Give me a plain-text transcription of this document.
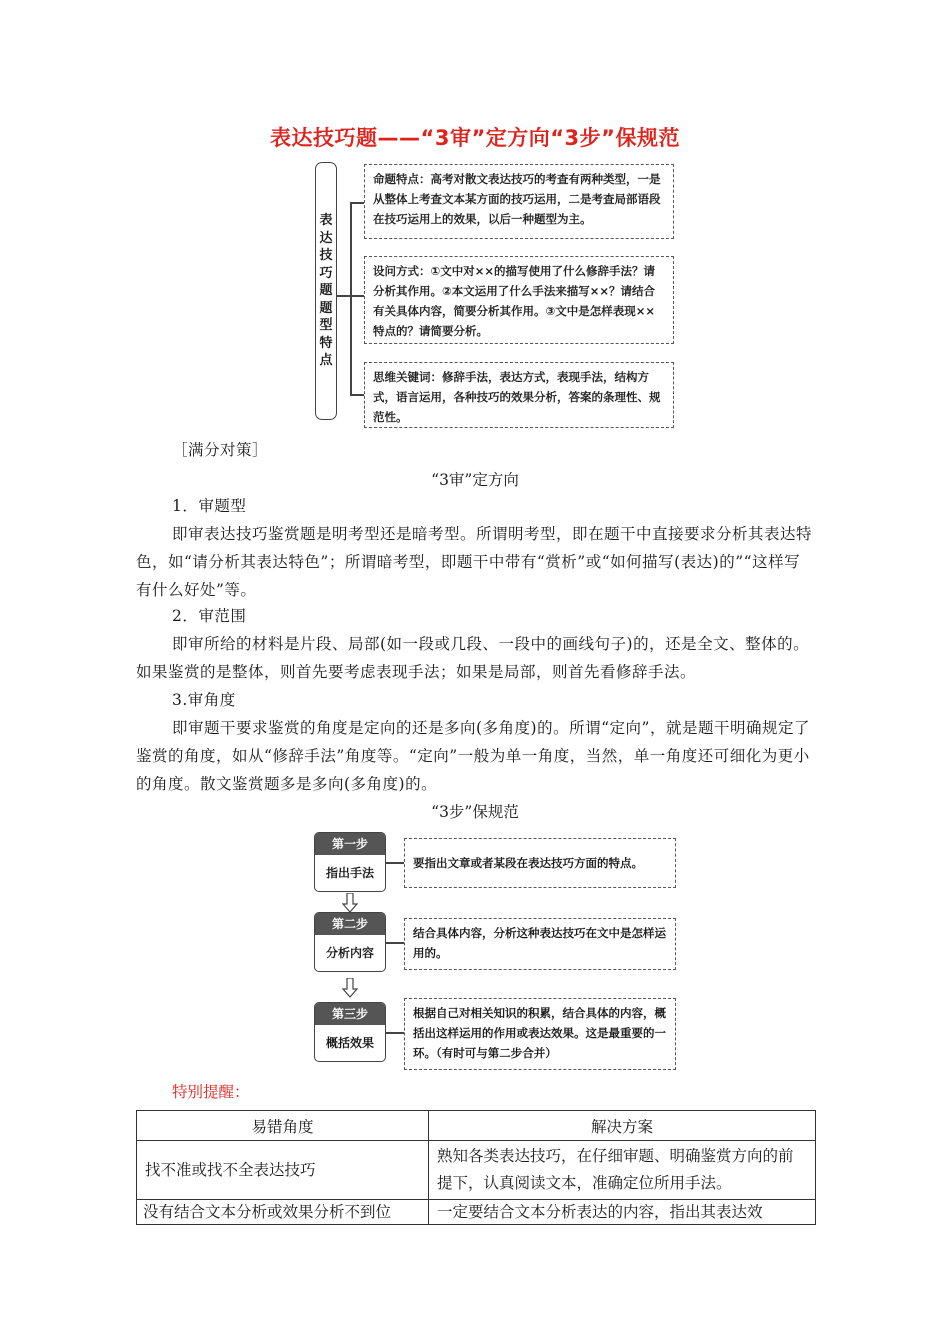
表达技巧题——“3审”定方向“3步”保规范
表达技巧题题型特点
命题特点：高考对散文表达技巧的考查有两种类型，一是从整体上考查文本某方面的技巧运用，二是考查局部语段在技巧运用上的效果，以后一种题型为主。
设问方式：①文中对××的描写使用了什么修辞手法？请分析其作用。②本文运用了什么手法来描写××？请结合有关具体内容，简要分析其作用。③文中是怎样表现××特点的？请简要分析。
思维关键词：修辞手法，表达方式，表现手法，结构方式，语言运用，各种技巧的效果分析，答案的条理性、规范性。
［满分对策］
“3审”定方向
1．审题型
即审表达技巧鉴赏题是明考型还是暗考型。所谓明考型，即在题干中直接要求分析其表达特色，如“请分析其表达特色”；所谓暗考型，即题干中带有“赏析”或“如何描写(表达)的”“这样写有什么好处”等。
2．审范围
即审所给的材料是片段、局部(如一段或几段、一段中的画线句子)的，还是全文、整体的。如果鉴赏的是整体，则首先要考虑表现手法；如果是局部，则首先看修辞手法。
3.审角度
即审题干要求鉴赏的角度是定向的还是多向(多角度)的。所谓“定向”，就是题干明确规定了鉴赏的角度，如从“修辞手法”角度等。“定向”一般为单一角度，当然，单一角度还可细化为更小的角度。散文鉴赏题多是多向(多角度)的。
“3步”保规范
第一步
指出手法
要指出文章或者某段在表达技巧方面的特点。
第二步
分析内容
结合具体内容，分析这种表达技巧在文中是怎样运用的。
第三步
概括效果
根据自己对相关知识的积累，结合具体的内容，概括出这样运用的作用或表达效果。这是最重要的一环。（有时可与第二步合并）
特别提醒：
易错角度	解决方案
找不准或找不全表达技巧	熟知各类表达技巧，在仔细审题、明确鉴赏方向的前提下，认真阅读文本，准确定位所用手法。
没有结合文本分析或效果分析不到位	一定要结合文本分析表达的内容，指出其表达效
